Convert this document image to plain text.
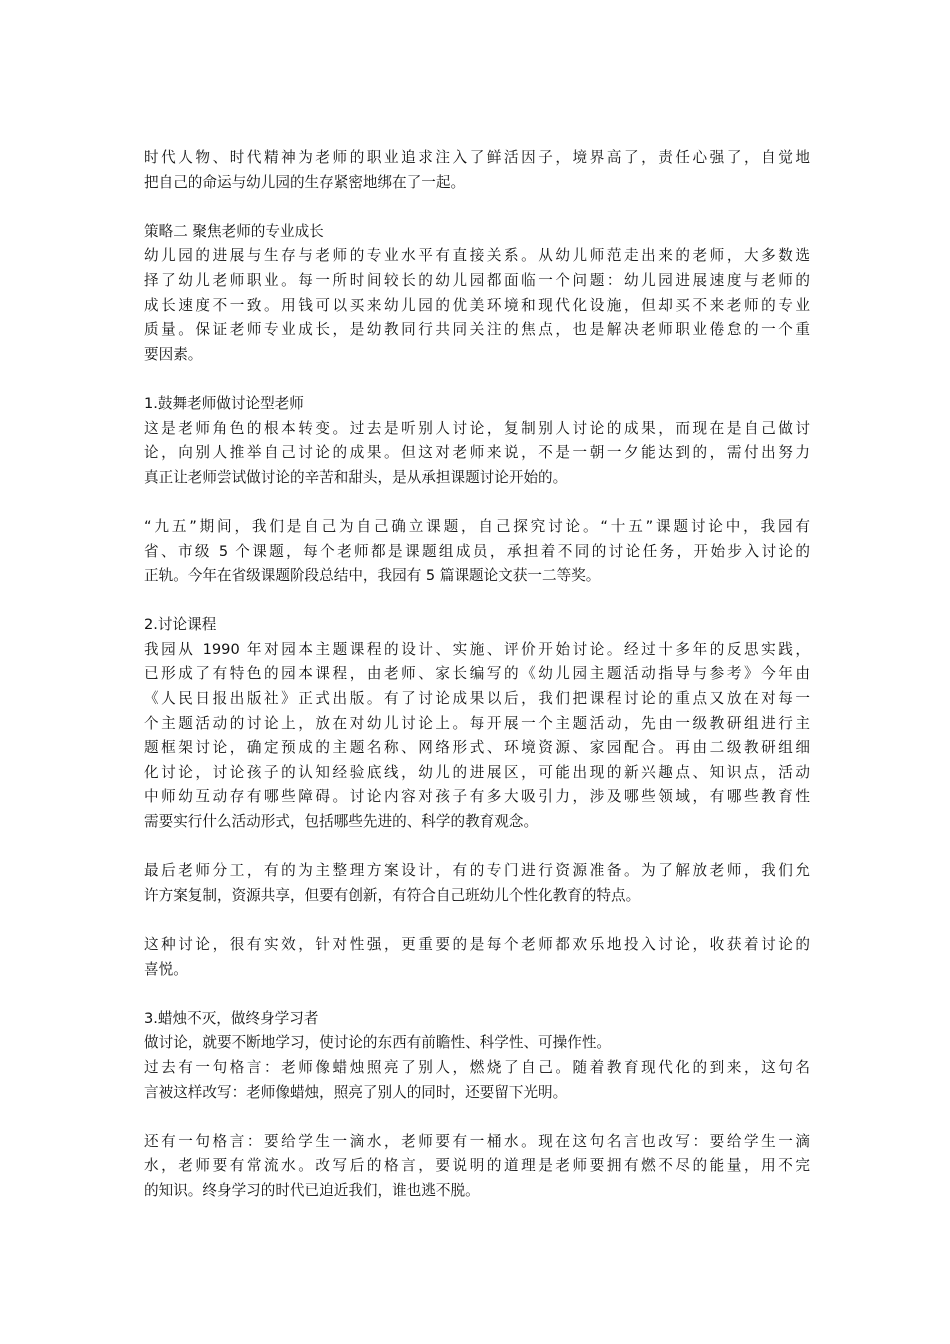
时代人物、时代精神为老师的职业追求注入了鲜活因子，境界高了，责任心强了，自觉地
把自己的命运与幼儿园的生存紧密地绑在了一起。
策略二 聚焦老师的专业成长
幼儿园的进展与生存与老师的专业水平有直接关系。从幼儿师范走出来的老师，大多数选
择了幼儿老师职业。每一所时间较长的幼儿园都面临一个问题：幼儿园进展速度与老师的
成长速度不一致。用钱可以买来幼儿园的优美环境和现代化设施，但却买不来老师的专业
质量。保证老师专业成长，是幼教同行共同关注的焦点，也是解决老师职业倦怠的一个重
要因素。
1.鼓舞老师做讨论型老师
这是老师角色的根本转变。过去是听别人讨论，复制别人讨论的成果，而现在是自己做讨
论，向别人推举自己讨论的成果。但这对老师来说，不是一朝一夕能达到的，需付出努力
真正让老师尝试做讨论的辛苦和甜头，是从承担课题讨论开始的。
“九五”期间，我们是自己为自己确立课题，自己探究讨论。“十五”课题讨论中，我园有
省、市级 5 个课题，每个老师都是课题组成员，承担着不同的讨论任务，开始步入讨论的
正轨。今年在省级课题阶段总结中，我园有 5 篇课题论文获一二等奖。
2.讨论课程
我园从 1990 年对园本主题课程的设计、实施、评价开始讨论。经过十多年的反思实践，
已形成了有特色的园本课程，由老师、家长编写的《幼儿园主题活动指导与参考》今年由
《人民日报出版社》正式出版。有了讨论成果以后，我们把课程讨论的重点又放在对每一
个主题活动的讨论上，放在对幼儿讨论上。每开展一个主题活动，先由一级教研组进行主
题框架讨论，确定预成的主题名称、网络形式、环境资源、家园配合。再由二级教研组细
化讨论，讨论孩子的认知经验底线，幼儿的进展区，可能出现的新兴趣点、知识点，活动
中师幼互动存有哪些障碍。讨论内容对孩子有多大吸引力，涉及哪些领域，有哪些教育性
需要实行什么活动形式，包括哪些先进的、科学的教育观念。
最后老师分工，有的为主整理方案设计，有的专门进行资源准备。为了解放老师，我们允
许方案复制，资源共享，但要有创新，有符合自己班幼儿个性化教育的特点。
这种讨论，很有实效，针对性强，更重要的是每个老师都欢乐地投入讨论，收获着讨论的
喜悦。
3.蜡烛不灭，做终身学习者
做讨论，就要不断地学习，使讨论的东西有前瞻性、科学性、可操作性。
过去有一句格言：老师像蜡烛照亮了别人，燃烧了自己。随着教育现代化的到来，这句名
言被这样改写：老师像蜡烛，照亮了别人的同时，还要留下光明。
还有一句格言：要给学生一滴水，老师要有一桶水。现在这句名言也改写：要给学生一滴
水，老师要有常流水。改写后的格言，要说明的道理是老师要拥有燃不尽的能量，用不完
的知识。终身学习的时代已迫近我们，谁也逃不脱。
